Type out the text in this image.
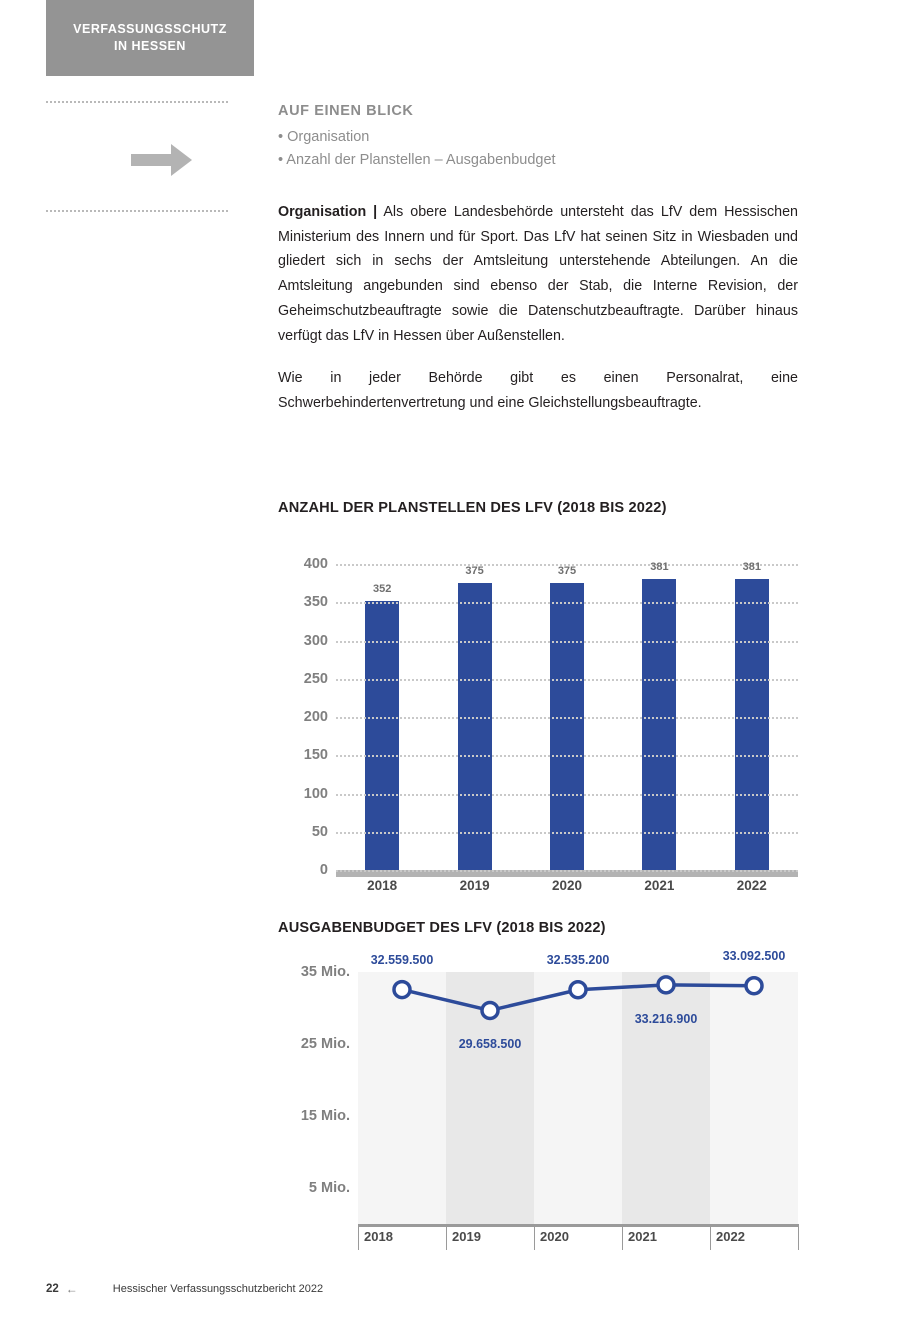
VERFASSUNGSSCHUTZ
IN HESSEN
AUF EINEN BLICK
• Organisation
• Anzahl der Planstellen – Ausgabenbudget

Organisation | Als obere Landesbehörde untersteht das LfV dem Hessischen Ministerium des Innern und für Sport. Das LfV hat seinen Sitz in Wiesbaden und gliedert sich in sechs der Amtsleitung unterstehende Abteilungen. An die Amtsleitung angebunden sind ebenso der Stab, die Interne Revision, der Geheimschutzbeauftragte sowie die Datenschutzbeauftragte. Darüber hinaus verfügt das LfV in Hessen über Außenstellen.

Wie in jeder Behörde gibt es einen Personalrat, eine Schwerbehindertenvertretung und eine Gleichstellungsbeauftragte.

ANZAHL DER PLANSTELLEN DES LFV (2018 BIS 2022)
0
50
100
150
200
250
300
350
400
352
375	375	381	381
2018	2019	2020	2021	2022
AUSGABENBUDGET DES LFV (2018 BIS 2022)
2018	2019	2020	2021	2022
5 Mio.
15 Mio.
25 Mio.
35 Mio.
32.559.500
29.658.500
32.535.200
33.216.900
33.092.500
22 ←	Hessischer Verfassungsschutzbericht 2022
